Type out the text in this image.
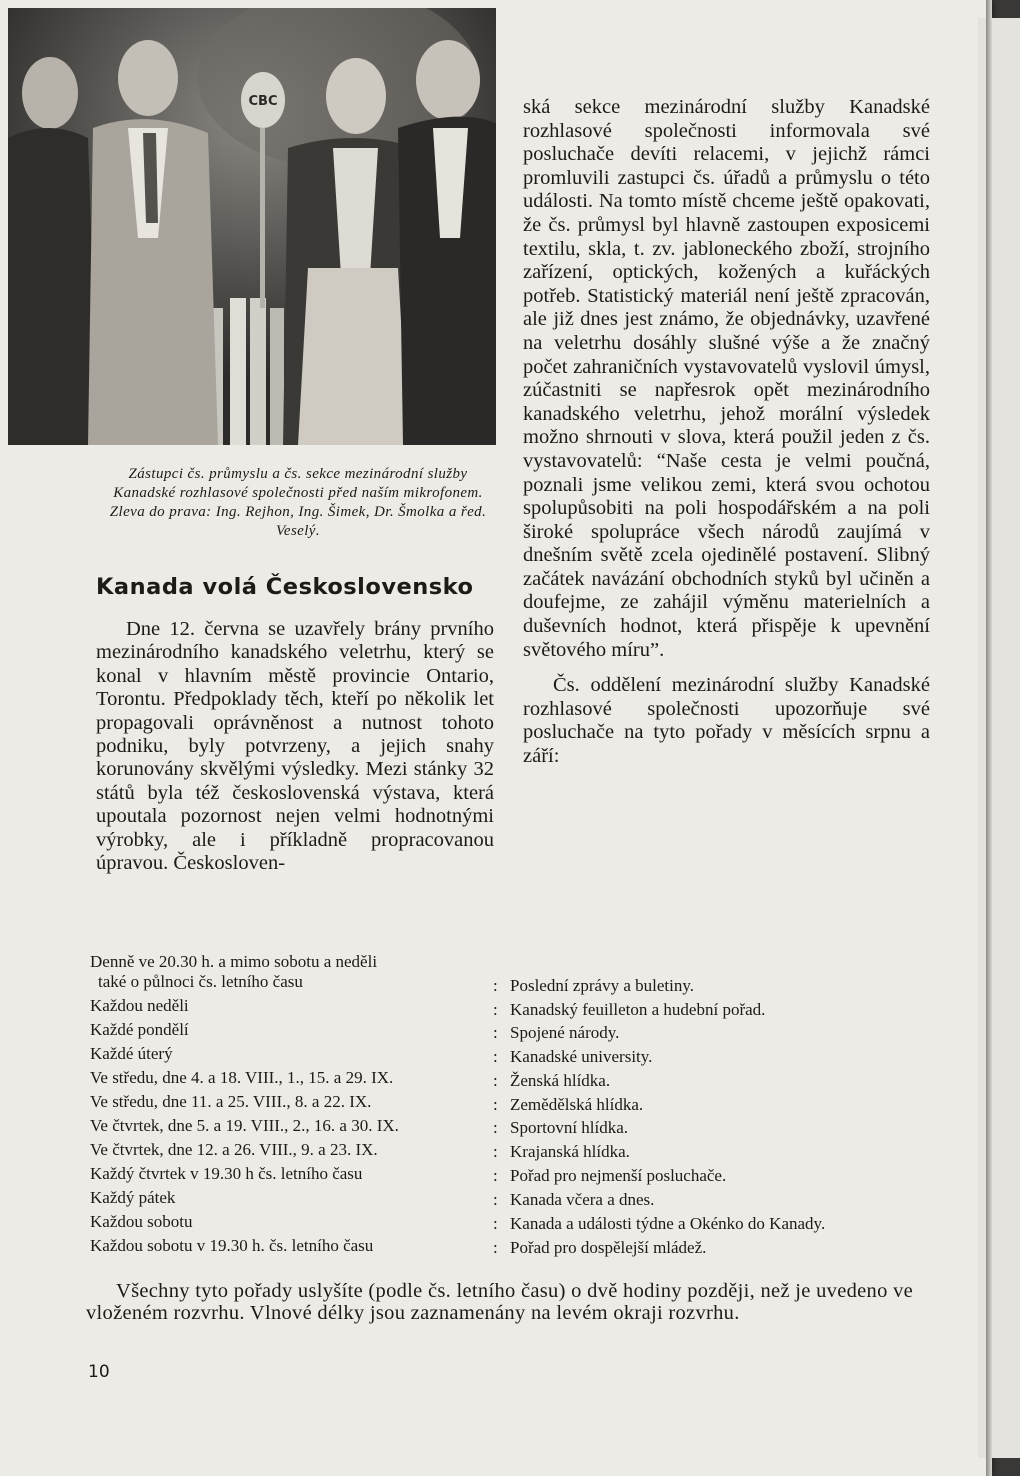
CBC
Zástupci čs. průmyslu a čs. sekce mezinárodní služby Kanadské rozhlasové společnosti před naším mikrofonem. Zleva do prava: Ing. Rejhon, Ing. Šimek, Dr. Šmolka a řed. Veselý.
Kanada volá Československo

Dne 12. června se uzavřely brány prvního mezinárodního kanadského veletrhu, který se konal v hlavním městě provincie Ontario, Torontu. Předpoklady těch, kteří po několik let propagovali oprávněnost a nutnost tohoto podniku, byly potvrzeny, a jejich snahy korunovány skvělými výsledky. Mezi stánky 32 států byla též československá výstava, která upoutala pozornost nejen velmi hodnotnými výrobky, ale i příkladně propracovanou úpravou. Českosloven-

ská sekce mezinárodní služby Kanadské rozhlasové společnosti informovala své posluchače devíti relacemi, v jejichž rámci promluvili zastupci čs. úřadů a průmyslu o této události. Na tomto místě chceme ještě opakovati, že čs. průmysl byl hlavně zastoupen exposicemi textilu, skla, t. zv. jabloneckého zboží, strojního zařízení, optických, kožených a kuřáckých potřeb. Statistický materiál není ještě zpracován, ale již dnes jest známo, že objednávky, uzavřené na veletrhu dosáhly slušné výše a že značný počet zahraničních vystavovatelů vyslovil úmysl, zúčastniti se napřesrok opět mezinárodního kanadského veletrhu, jehož morální výsledek možno shrnouti v slova, která použil jeden z čs. vystavovatelů: “Naše cesta je velmi poučná, poznali jsme velikou zemi, která svou ochotou spolupůsobiti na poli hospodářském a na poli široké spolupráce všech národů zaujímá v dnešním světě zcela ojedinělé postavení. Slibný začátek navázání obchodních styků byl učiněn a doufejme, ze zahájil výměnu materielních a duševních hodnot, která přispěje k upevnění světového míru”.

Čs. oddělení mezinárodní služby Kanadské rozhlasové společnosti upozorňuje své posluchače na tyto pořady v měsících srpnu a září:

Denně ve 20.30 h. a mimo sobotu a neděli
také o půlnoci čs. letního času	: Poslední zprávy a buletiny.
Každou neděli	: Kanadský feuilleton a hudební pořad.
Každé pondělí	: Spojené národy.
Každé úterý	: Kanadské university.
Ve středu, dne 4. a 18. VIII., 1., 15. a 29. IX.	: Ženská hlídka.
Ve středu, dne 11. a 25. VIII., 8. a 22. IX.	: Zemědělská hlídka.
Ve čtvrtek, dne 5. a 19. VIII., 2., 16. a 30. IX.	: Sportovní hlídka.
Ve čtvrtek, dne 12. a 26. VIII., 9. a 23. IX.	: Krajanská hlídka.
Každý čtvrtek v 19.30 h čs. letního času	: Pořad pro nejmenší posluchače.
Každý pátek	: Kanada včera a dnes.
Každou sobotu	: Kanada a události týdne a Okénko do Kanady.
Každou sobotu v 19.30 h. čs. letního času	: Pořad pro dospělejší mládež.

Všechny tyto pořady uslyšíte (podle čs. letního času) o dvě hodiny později, než je uvedeno ve vloženém rozvrhu. Vlnové délky jsou zaznamenány na levém okraji rozvrhu.

10
